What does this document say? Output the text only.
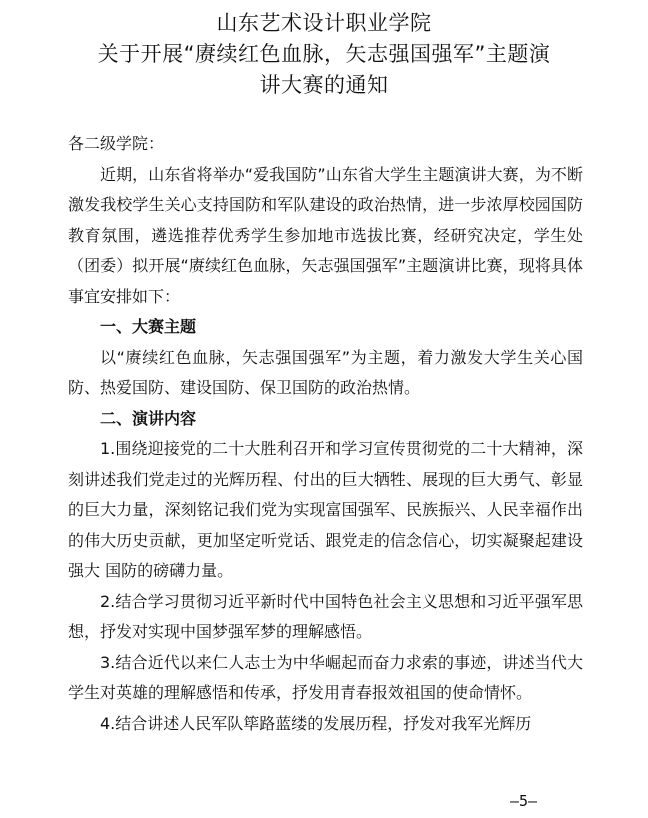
山东艺术设计职业学院
关于开展“赓续红色血脉，矢志强国强军”主题演
讲大赛的通知

各二级学院：

近期，山东省将举办“爱我国防”山东省大学生主题演讲大赛，为不断激发我校学生关心支持国防和军队建设的政治热情，进一步浓厚校园国防教育氛围，遴选推荐优秀学生参加地市选拔比赛，经研究决定，学生处（团委）拟开展“赓续红色血脉，矢志强国强军”主题演讲比赛，现将具体事宜安排如下：

一、大赛主题

以“赓续红色血脉，矢志强国强军”为主题，着力激发大学生关心国防、热爱国防、建设国防、保卫国防的政治热情。

二、演讲内容

1.围绕迎接党的二十大胜利召开和学习宣传贯彻党的二十大精神，深刻讲述我们党走过的光辉历程、付出的巨大牺牲、展现的巨大勇气、彰显的巨大力量，深刻铭记我们党为实现富国强军、民族振兴、人民幸福作出的伟大历史贡献，更加坚定听党话、跟党走的信念信心，切实凝聚起建设强大 国防的磅礴力量。

2.结合学习贯彻习近平新时代中国特色社会主义思想和习近平强军思想，抒发对实现中国梦强军梦的理解感悟。

3.结合近代以来仁人志士为中华崛起而奋力求索的事迹，讲述当代大学生对英雄的理解感悟和传承，抒发用青春报效祖国的使命情怀。

4.结合讲述人民军队筚路蓝缕的发展历程，抒发对我军光辉历

—5—
